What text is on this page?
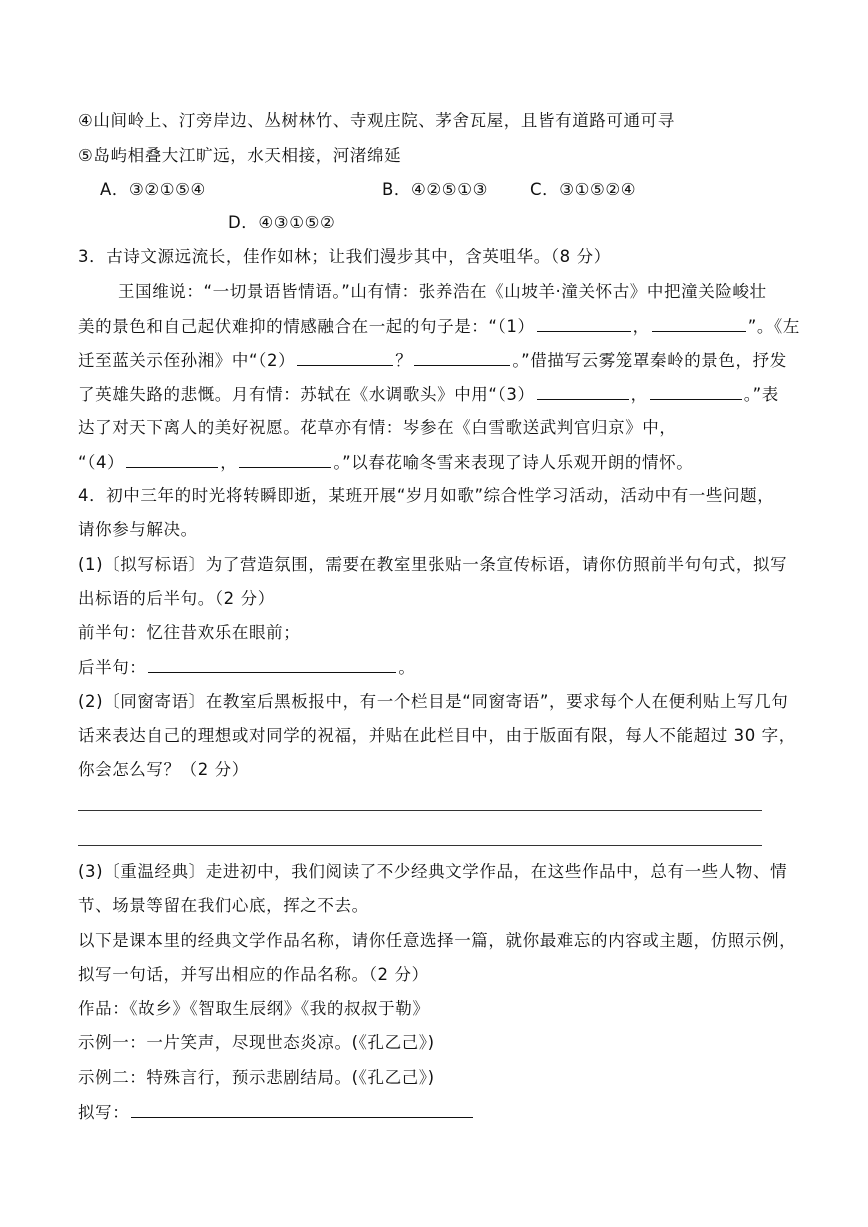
④山间岭上、汀旁岸边、丛树林竹、寺观庄院、茅舍瓦屋，且皆有道路可通可寻
⑤岛屿相叠大江旷远，水天相接，河渚绵延
A．③②①⑤④	B．④②⑤①③	C．③①⑤②④
D．④③①⑤②
3．古诗文源远流长，佳作如林；让我们漫步其中，含英咀华。（8 分）
王国维说：“一切景语皆情语。”山有情：张养浩在《山坡羊·潼关怀古》中把潼关险峻壮
美的景色和自己起伏难抑的情感融合在一起的句子是：“（1）	，	”。《左
迁至蓝关示侄孙湘》中“（2）	？	。”借描写云雾笼罩秦岭的景色，抒发
了英雄失路的悲慨。月有情：苏轼在《水调歌头》中用“（3）	，	。”表
达了对天下离人的美好祝愿。花草亦有情：岑参在《白雪歌送武判官归京》中，
“（4）	，	。”以春花喻冬雪来表现了诗人乐观开朗的情怀。
4．初中三年的时光将转瞬即逝，某班开展“岁月如歌”综合性学习活动，活动中有一些问题，
请你参与解决。
(1)〔拟写标语〕为了营造氛围，需要在教室里张贴一条宣传标语，请你仿照前半句句式，拟写
出标语的后半句。（2 分）
前半句：忆往昔欢乐在眼前；
后半句：	。
(2)〔同窗寄语〕在教室后黑板报中，有一个栏目是“同窗寄语”，要求每个人在便利贴上写几句
话来表达自己的理想或对同学的祝福，并贴在此栏目中，由于版面有限，每人不能超过 30 字，
你会怎么写？（2 分）
(3)〔重温经典〕走进初中，我们阅读了不少经典文学作品，在这些作品中，总有一些人物、情
节、场景等留在我们心底，挥之不去。
以下是课本里的经典文学作品名称，请你任意选择一篇，就你最难忘的内容或主题，仿照示例，
拟写一句话，并写出相应的作品名称。（2 分）
作品：《故乡》《智取生辰纲》《我的叔叔于勒》
示例一：一片笑声，尽现世态炎凉。(《孔乙己》)
示例二：特殊言行，预示悲剧结局。(《孔乙己》)
拟写：
